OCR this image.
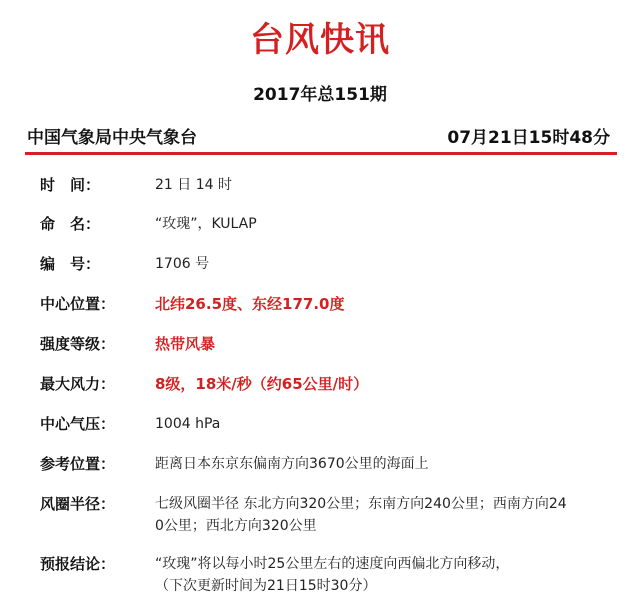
台风快讯
2017年总151期
中国气象局中央气象台	07月21日15时48分
时　间：	21 日 14 时
命　名：	“玫瑰”，KULAP
编　号：	1706 号
中心位置：	北纬26.5度、东经177.0度
强度等级：	热带风暴
最大风力：	8级，18米/秒（约65公里/时）
中心气压：	1004 hPa
参考位置：	距离日本东京东偏南方向3670公里的海面上
风圈半径：	七级风圈半径 东北方向320公里；东南方向240公里；西南方向24
0公里；西北方向320公里
预报结论：	“玫瑰”将以每小时25公里左右的速度向西偏北方向移动，
（下次更新时间为21日15时30分）
